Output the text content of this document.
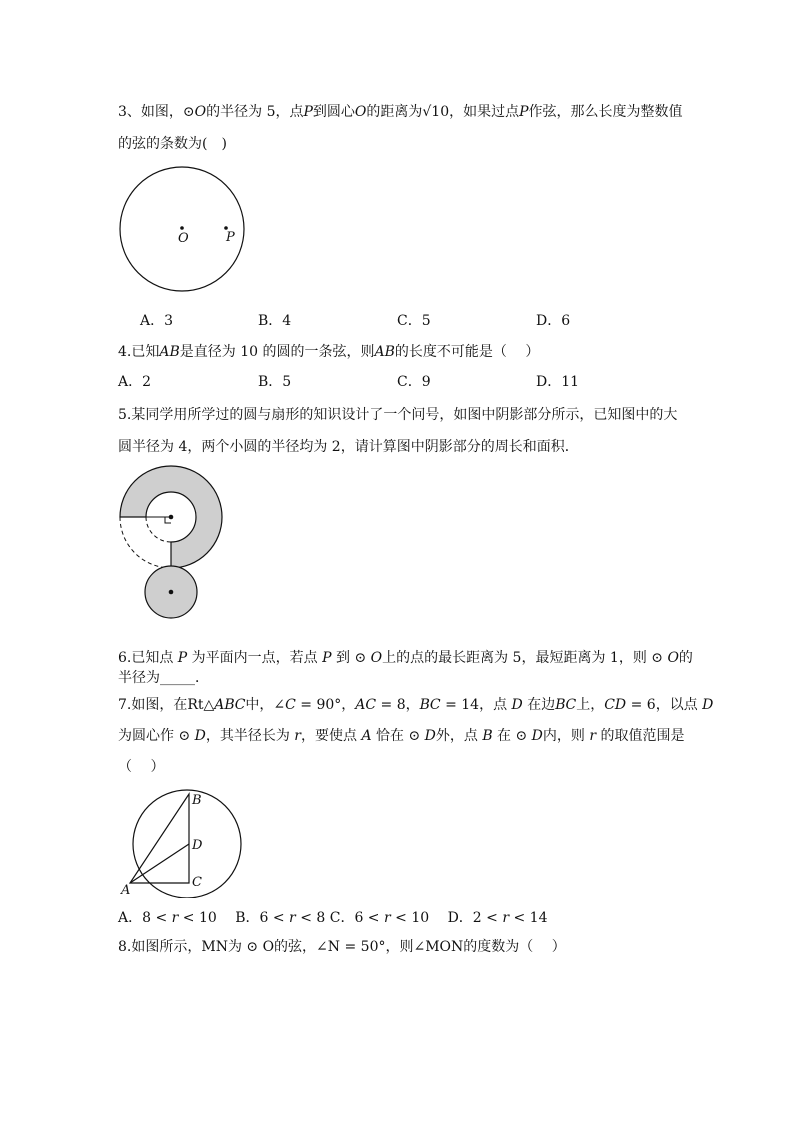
3、如图，⊙𝑂的半径为 5，点𝑃到圆心𝑂的距离为√10，如果过点𝑃作弦，那么长度为整数值
的弦的条数为(　)
O	P
A．3	B．4	C．5	D．6
4.已知𝐴𝐵是直径为 10 的圆的一条弦，则𝐴𝐵的长度不可能是（　 ）
A．2	B．5	C．9	D．11
5.某同学用所学过的圆与扇形的知识设计了一个问号，如图中阴影部分所示，已知图中的大
圆半径为 4，两个小圆的半径均为 2，请计算图中阴影部分的周长和面积．
6.已知点 𝑃 为平面内一点，若点 𝑃 到 ⊙ 𝑂上的点的最长距离为 5，最短距离为 1，则 ⊙ 𝑂的
半径为_____．
7.如图，在Rt△𝐴𝐵𝐶中，∠𝐶 = 90°，𝐴𝐶 = 8，𝐵𝐶 = 14，点 𝐷 在边𝐵𝐶上，𝐶𝐷 = 6，以点 𝐷
为圆心作 ⊙ 𝐷，其半径长为 𝑟，要使点 𝐴 恰在 ⊙ 𝐷外，点 𝐵 在 ⊙ 𝐷内，则 𝑟 的取值范围是
（　 ）
B
D
C
A
A．8 < 𝑟 < 10　 B．6 < 𝑟 < 8 C．6 < 𝑟 < 10　 D．2 < 𝑟 < 14
8.如图所示，MN为 ⊙ O的弦，∠N = 50°，则∠MON的度数为（　 ）
